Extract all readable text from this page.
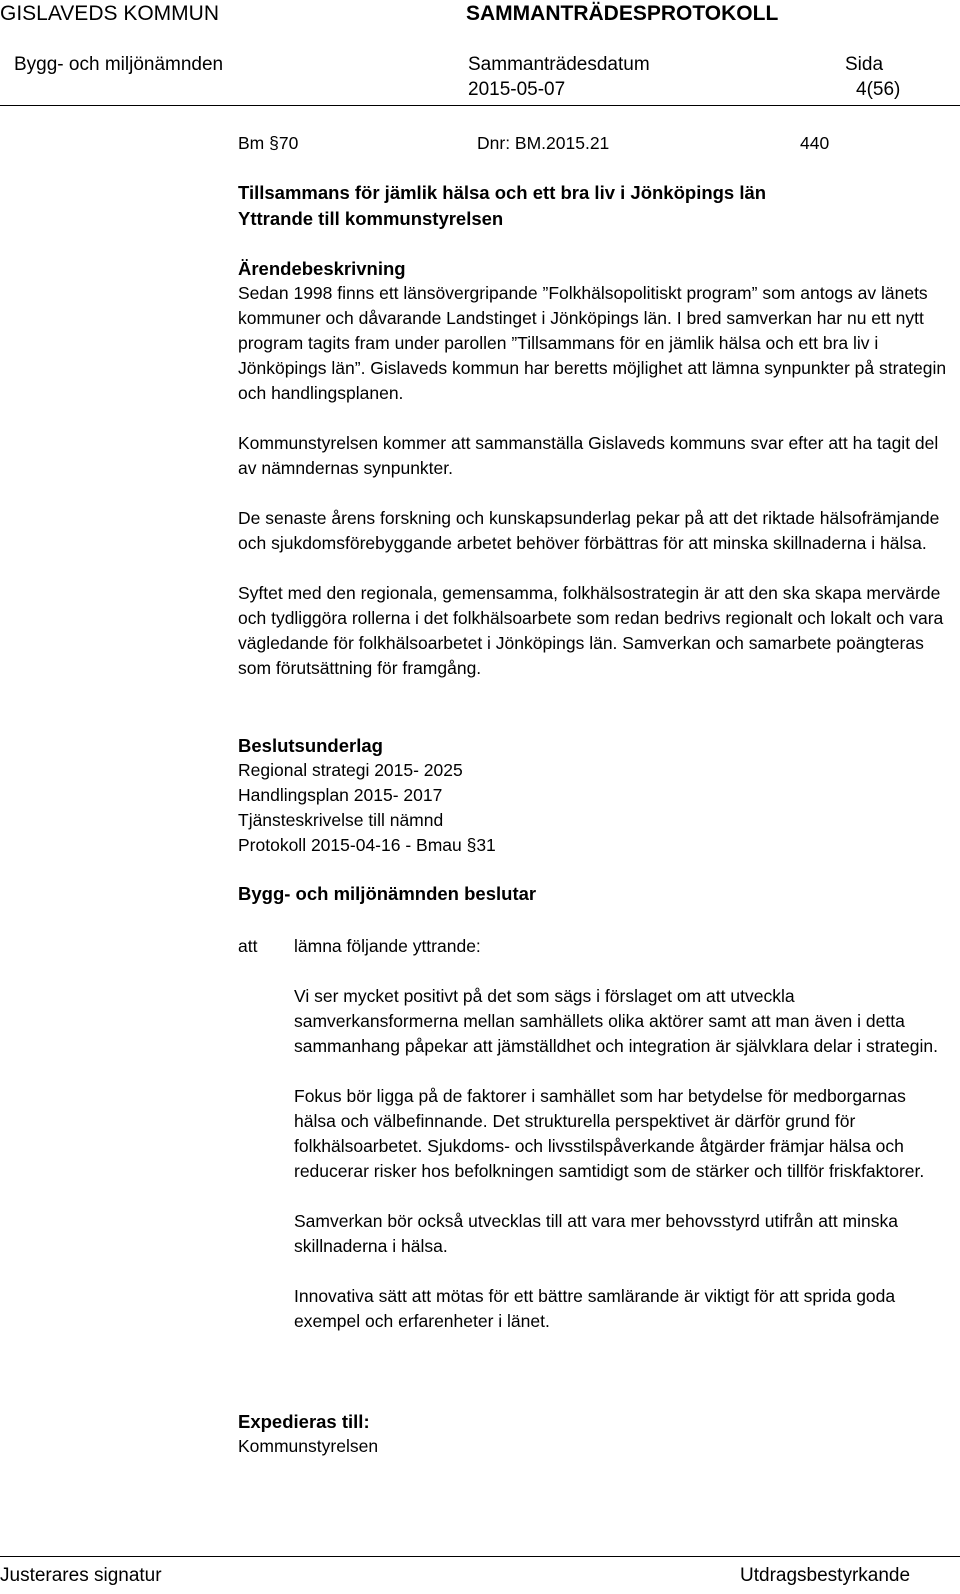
GISLAVEDS KOMMUN	SAMMANTRÄDESPROTOKOLL
Bygg- och miljönämnden	Sammanträdesdatum
2015-05-07
Sida
4(56)
Bm §70	Dnr: BM.2015.21	440
Tillsammans för jämlik hälsa och ett bra liv i Jönköpings län
Yttrande till kommunstyrelsen

Ärendebeskrivning

Sedan 1998 finns ett länsövergripande ”Folkhälsopolitiskt program” som antogs av länets kommuner och dåvarande Landstinget i Jönköpings län. I bred samverkan har nu ett nytt program tagits fram under parollen ”Tillsammans för en jämlik hälsa och ett bra liv i Jönköpings län”. Gislaveds kommun har beretts möjlighet att lämna synpunkter på strategin och handlingsplanen.

Kommunstyrelsen kommer att sammanställa Gislaveds kommuns svar efter att ha tagit del av nämndernas synpunkter.

De senaste årens forskning och kunskapsunderlag pekar på att det riktade hälsofrämjande och sjukdomsförebyggande arbetet behöver förbättras för att minska skillnaderna i hälsa.

Syftet med den regionala, gemensamma, folkhälsostrategin är att den ska skapa mervärde och tydliggöra rollerna i det folkhälsoarbete som redan bedrivs regionalt och lokalt och vara vägledande för folkhälsoarbetet i Jönköpings län. Samverkan och samarbete poängteras som förutsättning för framgång.

Beslutsunderlag

Regional strategi 2015- 2025
Handlingsplan 2015- 2017
Tjänsteskrivelse till nämnd
Protokoll 2015-04-16 - Bmau §31
Bygg- och miljönämnden beslutar
att lämna följande yttrande:

Vi ser mycket positivt på det som sägs i förslaget om att utveckla samverkansformerna mellan samhällets olika aktörer samt att man även i detta sammanhang påpekar att jämställdhet och integration är självklara delar i strategin.

Fokus bör ligga på de faktorer i samhället som har betydelse för medborgarnas hälsa och välbefinnande. Det strukturella perspektivet är därför grund för folkhälsoarbetet. Sjukdoms- och livsstilspåverkande åtgärder främjar hälsa och reducerar risker hos befolkningen samtidigt som de stärker och tillför friskfaktorer.

Samverkan bör också utvecklas till att vara mer behovsstyrd utifrån att minska skillnaderna i hälsa.

Innovativa sätt att mötas för ett bättre samlärande är viktigt för att sprida goda exempel och erfarenheter i länet.

Expedieras till:

Kommunstyrelsen
Justerares signatur	Utdragsbestyrkande
